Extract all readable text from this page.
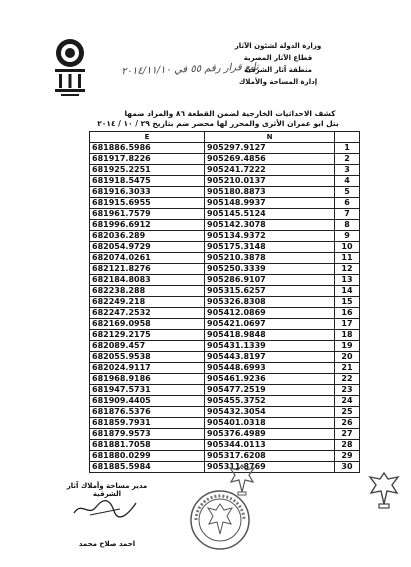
تابع قرار رقم ٥٥ في ٢٠١٤/١١/١٠
وزارة الدولة لشئون الآثار
قطاع الآثار المصرية
منطقة آثار الشرقية
إدارة المساحة والأملاك
كشف الاحداثيات الخارجية لضمن القطعة ٨٦ والمراد ضمها
بتل ابو عمران الأثرى والمحرر لها محضر ضم بتاريخ ٢٩ / ١٠ / ٢٠١٤
E	N	
681886.5986	905297.9127	1
681917.8226	905269.4856	2
681925.2251	905241.7222	3
681918.5475	905210.0137	4
681916.3033	905180.8873	5
681915.6955	905148.9937	6
681961.7579	905145.5124	7
681996.6912	905142.3078	8
682036.289	905134.9372	9
682054.9729	905175.3148	10
682074.0261	905210.3878	11
682121.8276	905250.3339	12
682184.8083	905286.9107	13
682238.288	905315.6257	14
682249.218	905326.8308	15
682247.2532	905412.0869	16
682169.0958	905421.0697	17
682129.2175	905418.9848	18
682089.457	905431.1339	19
682055.9538	905443.8197	20
682024.9117	905448.6993	21
681968.9186	905461.9236	22
681947.5731	905477.2519	23
681909.4405	905455.3752	24
681876.5376	905432.3054	25
681859.7931	905401.0318	26
681879.9573	905376.4989	27
681881.7058	905344.0113	28
681880.0299	905317.6208	29
681885.5984	905311.8769	30
مدير مساحة وأملاك آثار الشرقية
احمد صلاح محمد
